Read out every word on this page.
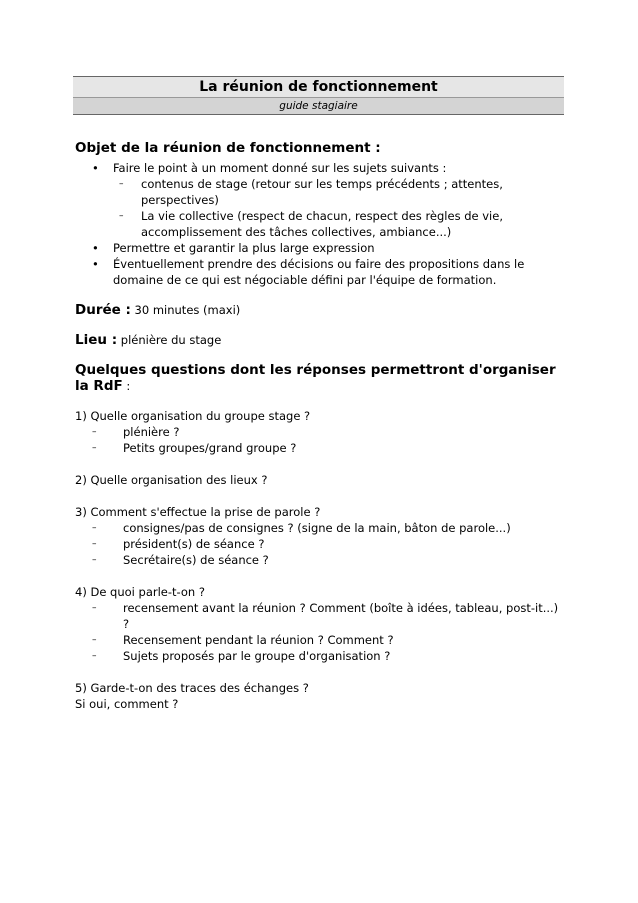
La réunion de fonctionnement
guide stagiaire
Objet de la réunion de fonctionnement :
• Faire le point à un moment donné sur les sujets suivants :
– contenus de stage (retour sur les temps précédents ; attentes, perspectives)
– La vie collective (respect de chacun, respect des règles de vie, accomplissement des tâches collectives, ambiance...)
• Permettre et garantir la plus large expression
• Éventuellement prendre des décisions ou faire des propositions dans le domaine de ce qui est négociable défini par l'équipe de formation.
Durée : 30 minutes (maxi)
Lieu : plénière du stage
Quelques questions dont les réponses permettront d'organiser la RdF :
1) Quelle organisation du groupe stage ?
– plénière ?
– Petits groupes/grand groupe ?
2) Quelle organisation des lieux ?
3) Comment s'effectue la prise de parole ?
– consignes/pas de consignes ? (signe de la main, bâton de parole...)
– président(s) de séance ?
– Secrétaire(s) de séance ?
4) De quoi parle-t-on ?
– recensement avant la réunion ? Comment (boîte à idées, tableau, post-it...) ?
– Recensement pendant la réunion ? Comment ?
– Sujets proposés par le groupe d'organisation ?
5) Garde-t-on des traces des échanges ?
Si oui, comment ?
